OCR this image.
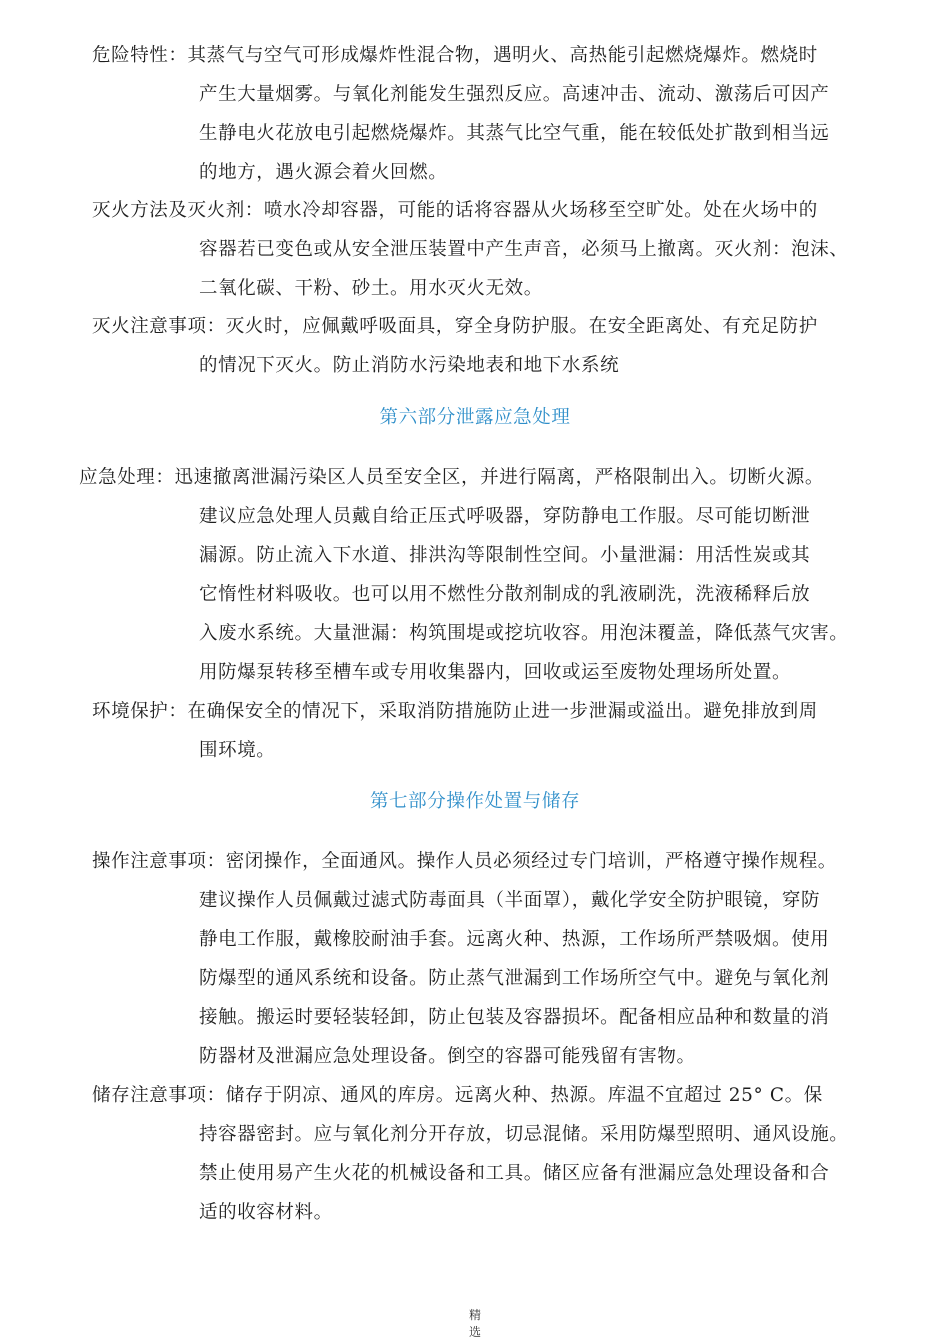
危险特性：其蒸气与空气可形成爆炸性混合物，遇明火、高热能引起燃烧爆炸。燃烧时
产生大量烟雾。与氧化剂能发生强烈反应。高速冲击、流动、激荡后可因产
生静电火花放电引起燃烧爆炸。其蒸气比空气重，能在较低处扩散到相当远
的地方，遇火源会着火回燃。
灭火方法及灭火剂：喷水冷却容器，可能的话将容器从火场移至空旷处。处在火场中的
容器若已变色或从安全泄压装置中产生声音，必须马上撤离。灭火剂：泡沫、
二氧化碳、干粉、砂土。用水灭火无效。
灭火注意事项：灭火时，应佩戴呼吸面具，穿全身防护服。在安全距离处、有充足防护
的情况下灭火。防止消防水污染地表和地下水系统
第六部分泄露应急处理
应急处理：迅速撤离泄漏污染区人员至安全区，并进行隔离，严格限制出入。切断火源。
建议应急处理人员戴自给正压式呼吸器，穿防静电工作服。尽可能切断泄
漏源。防止流入下水道、排洪沟等限制性空间。小量泄漏：用活性炭或其
它惰性材料吸收。也可以用不燃性分散剂制成的乳液刷洗，洗液稀释后放
入废水系统。大量泄漏：构筑围堤或挖坑收容。用泡沫覆盖，降低蒸气灾害。
用防爆泵转移至槽车或专用收集器内，回收或运至废物处理场所处置。
环境保护：在确保安全的情况下，采取消防措施防止进一步泄漏或溢出。避免排放到周
围环境。
第七部分操作处置与储存
操作注意事项：密闭操作，全面通风。操作人员必须经过专门培训，严格遵守操作规程。
建议操作人员佩戴过滤式防毒面具（半面罩），戴化学安全防护眼镜，穿防
静电工作服，戴橡胶耐油手套。远离火种、热源，工作场所严禁吸烟。使用
防爆型的通风系统和设备。防止蒸气泄漏到工作场所空气中。避免与氧化剂
接触。搬运时要轻装轻卸，防止包装及容器损坏。配备相应品种和数量的消
防器材及泄漏应急处理设备。倒空的容器可能残留有害物。
储存注意事项：储存于阴凉、通风的库房。远离火种、热源。库温不宜超过 25° C。保
持容器密封。应与氧化剂分开存放，切忌混储。采用防爆型照明、通风设施。
禁止使用易产生火花的机械设备和工具。储区应备有泄漏应急处理设备和合
适的收容材料。
精
选
